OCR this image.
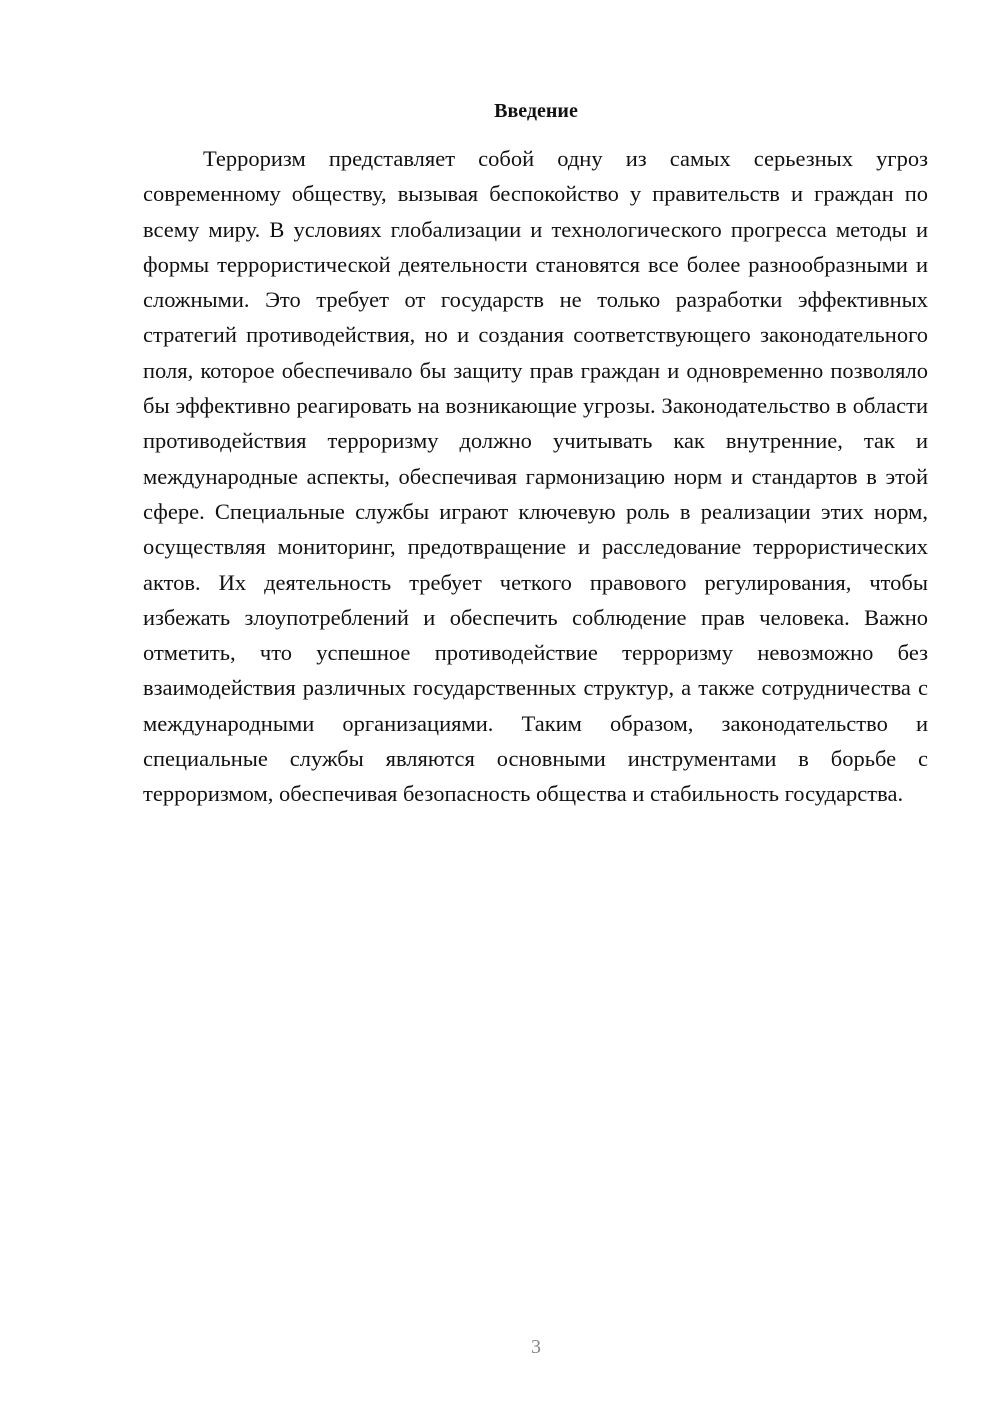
Введение

Терроризм представляет собой одну из самых серьезных угроз современному обществу, вызывая беспокойство у правительств и граждан по всему миру. В условиях глобализации и технологического прогресса методы и формы террористической деятельности становятся все более разнообразными и сложными. Это требует от государств не только разработки эффективных стратегий противодействия, но и создания соответствующего законодательного поля, которое обеспечивало бы защиту прав граждан и одновременно позволяло бы эффективно реагировать на возникающие угрозы. Законодательство в области противодействия терроризму должно учитывать как внутренние, так и международные аспекты, обеспечивая гармонизацию норм и стандартов в этой сфере. Специальные службы играют ключевую роль в реализации этих норм, осуществляя мониторинг, предотвращение и расследование террористических актов. Их деятельность требует четкого правового регулирования, чтобы избежать злоупотреблений и обеспечить соблюдение прав человека. Важно отметить, что успешное противодействие терроризму невозможно без взаимодействия различных государственных структур, а также сотрудничества с международными организациями. Таким образом, законодательство и специальные службы являются основными инструментами в борьбе с терроризмом, обеспечивая безопасность общества и стабильность государства.

3
